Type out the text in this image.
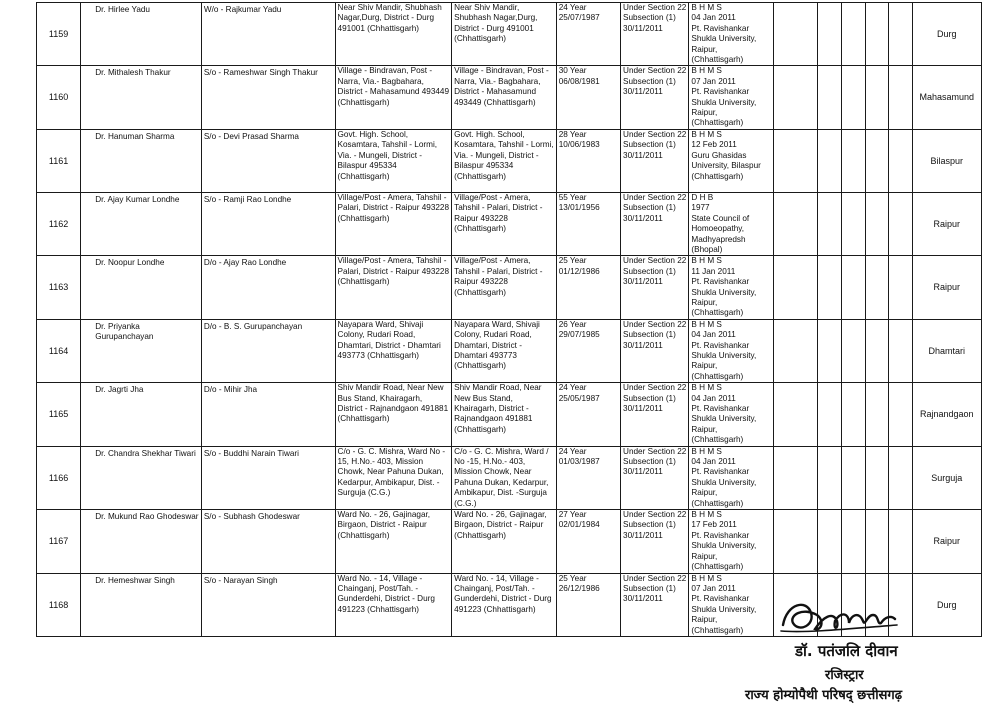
1159	Dr. Hirlee Yadu	W/o - Rajkumar Yadu	Near Shiv Mandir, Shubhash Nagar,Durg, District - Durg 491001 (Chhattisgarh)	Near Shiv Mandir, Shubhash Nagar,Durg, District - Durg 491001 (Chhattisgarh)	24 Year
25/07/1987	Under Section 22
Subsection (1)
30/11/2011	B H M S
04 Jan 2011
Pt. Ravishankar Shukla University, Raipur, (Chhattisgarh)						Durg
1160	Dr. Mithalesh Thakur	S/o - Rameshwar Singh Thakur	Village - Bindravan, Post - Narra, Via.- Bagbahara, District - Mahasamund 493449 (Chhattisgarh)	Village - Bindravan, Post - Narra, Via.- Bagbahara, District - Mahasamund 493449 (Chhattisgarh)	30 Year
06/08/1981	Under Section 22
Subsection (1)
30/11/2011	B H M S
07 Jan 2011
Pt. Ravishankar Shukla University, Raipur, (Chhattisgarh)						Mahasamund
1161	Dr. Hanuman Sharma	S/o - Devi Prasad Sharma	Govt. High. School, Kosamtara, Tahshil - Lormi, Via. - Mungeli, District - Bilaspur 495334 (Chhattisgarh)	Govt. High. School, Kosamtara, Tahshil - Lormi, Via. - Mungeli, District - Bilaspur 495334 (Chhattisgarh)	28 Year
10/06/1983	Under Section 22
Subsection (1)
30/11/2011	B H M S
12 Feb 2011
Guru Ghasidas University, Bilaspur (Chhattisgarh)						Bilaspur
1162	Dr. Ajay Kumar Londhe	S/o - Ramji Rao Londhe	Village/Post - Amera, Tahshil - Palari, District - Raipur 493228 (Chhattisgarh)	Village/Post - Amera, Tahshil - Palari, District - Raipur 493228 (Chhattisgarh)	55 Year
13/01/1956	Under Section 22
Subsection (1)
30/11/2011	D H B
1977
State Council of Homoeopathy, Madhyapredsh (Bhopal)						Raipur
1163	Dr. Noopur Londhe	D/o - Ajay Rao Londhe	Village/Post - Amera, Tahshil - Palari, District - Raipur 493228 (Chhattisgarh)	Village/Post - Amera, Tahshil - Palari, District - Raipur 493228 (Chhattisgarh)	25 Year
01/12/1986	Under Section 22
Subsection (1)
30/11/2011	B H M S
11 Jan 2011
Pt. Ravishankar Shukla University, Raipur, (Chhattisgarh)						Raipur
1164	Dr. Priyanka Gurupanchayan	D/o - B. S. Gurupanchayan	Nayapara Ward, Shivaji Colony, Rudari Road, Dhamtari, District - Dhamtari 493773 (Chhattisgarh)	Nayapara Ward, Shivaji Colony, Rudari Road, Dhamtari, District - Dhamtari 493773 (Chhattisgarh)	26 Year
29/07/1985	Under Section 22
Subsection (1)
30/11/2011	B H M S
04 Jan 2011
Pt. Ravishankar Shukla University, Raipur, (Chhattisgarh)						Dhamtari
1165	Dr. Jagrti Jha	D/o - Mihir Jha	Shiv Mandir Road, Near New Bus Stand, Khairagarh, District - Rajnandgaon 491881 (Chhattisgarh)	Shiv Mandir Road, Near New Bus Stand, Khairagarh, District - Rajnandgaon 491881 (Chhattisgarh)	24 Year
25/05/1987	Under Section 22
Subsection (1)
30/11/2011	B H M S
04 Jan 2011
Pt. Ravishankar Shukla University, Raipur, (Chhattisgarh)						Rajnandgaon
1166	Dr. Chandra Shekhar Tiwari	S/o - Buddhi Narain Tiwari	C/o - G. C. Mishra, Ward No - 15, H.No.- 403, Mission Chowk, Near Pahuna Dukan, Kedarpur, Ambikapur, Dist. - Surguja (C.G.)	C/o - G. C. Mishra, Ward / No -15, H.No.- 403, Mission Chowk, Near Pahuna Dukan, Kedarpur, Ambikapur, Dist. -Surguja (C.G.)	24 Year
01/03/1987	Under Section 22
Subsection (1)
30/11/2011	B H M S
04 Jan 2011
Pt. Ravishankar Shukla University, Raipur, (Chhattisgarh)						Surguja
1167	Dr. Mukund Rao Ghodeswar	S/o - Subhash Ghodeswar	Ward No. - 26, Gajinagar, Birgaon, District - Raipur (Chhattisgarh)	Ward No. - 26, Gajinagar, Birgaon, District - Raipur (Chhattisgarh)	27 Year
02/01/1984	Under Section 22
Subsection (1)
30/11/2011	B H M S
17 Feb 2011
Pt. Ravishankar Shukla University, Raipur, (Chhattisgarh)						Raipur
1168	Dr. Hemeshwar Singh	S/o - Narayan Singh	Ward No. - 14, Village - Chainganj, Post/Tah. - Gunderdehi, District - Durg 491223 (Chhattisgarh)	Ward No. - 14, Village - Chainganj, Post/Tah. - Gunderdehi, District - Durg 491223 (Chhattisgarh)	25 Year
26/12/1986	Under Section 22
Subsection (1)
30/11/2011	B H M S
07 Jan 2011
Pt. Ravishankar Shukla University, Raipur, (Chhattisgarh)						Durg
डॉ. पतंजलि दीवान
रजिस्ट्रार
राज्य होम्योपैथी परिषद् छत्तीसगढ़
